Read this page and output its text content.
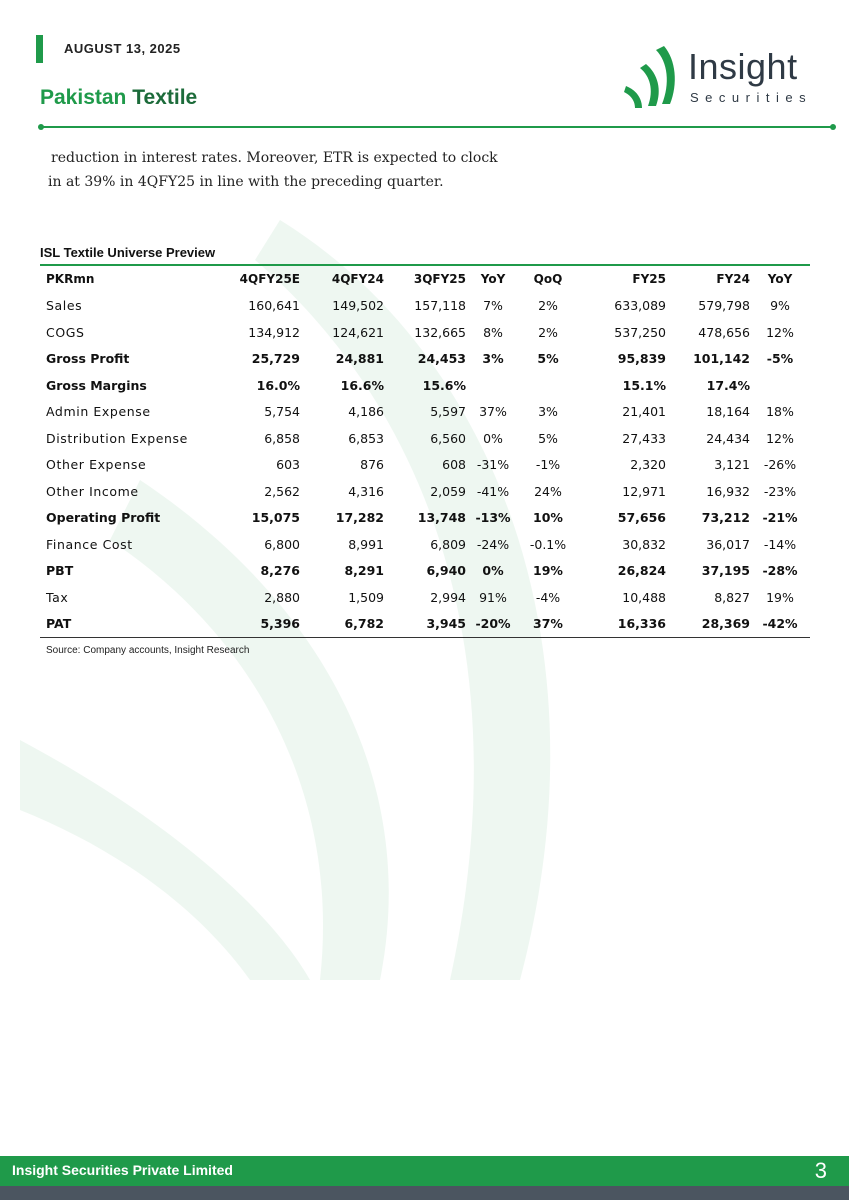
AUGUST 13, 2025
Pakistan Textile
Insight
Securities
reduction in interest rates. Moreover, ETR is expected to clock
in at 39% in 4QFY25 in line with the preceding quarter.
ISL Textile Universe Preview
PKRmn	4QFY25E	4QFY24	3QFY25	YoY	QoQ	FY25	FY24	YoY
Sales	160,641	149,502	157,118	7%	2%	633,089	579,798	9%
COGS	134,912	124,621	132,665	8%	2%	537,250	478,656	12%
Gross Profit	25,729	24,881	24,453	3%	5%	95,839	101,142	-5%
Gross Margins	16.0%	16.6%	15.6%			15.1%	17.4%	
Admin Expense	5,754	4,186	5,597	37%	3%	21,401	18,164	18%
Distribution Expense	6,858	6,853	6,560	0%	5%	27,433	24,434	12%
Other Expense	603	876	608	-31%	-1%	2,320	3,121	-26%
Other Income	2,562	4,316	2,059	-41%	24%	12,971	16,932	-23%
Operating Profit	15,075	17,282	13,748	-13%	10%	57,656	73,212	-21%
Finance Cost	6,800	8,991	6,809	-24%	-0.1%	30,832	36,017	-14%
PBT	8,276	8,291	6,940	0%	19%	26,824	37,195	-28%
Tax	2,880	1,509	2,994	91%	-4%	10,488	8,827	19%
PAT	5,396	6,782	3,945	-20%	37%	16,336	28,369	-42%
Source: Company accounts, Insight Research
Insight Securities Private Limited	3
